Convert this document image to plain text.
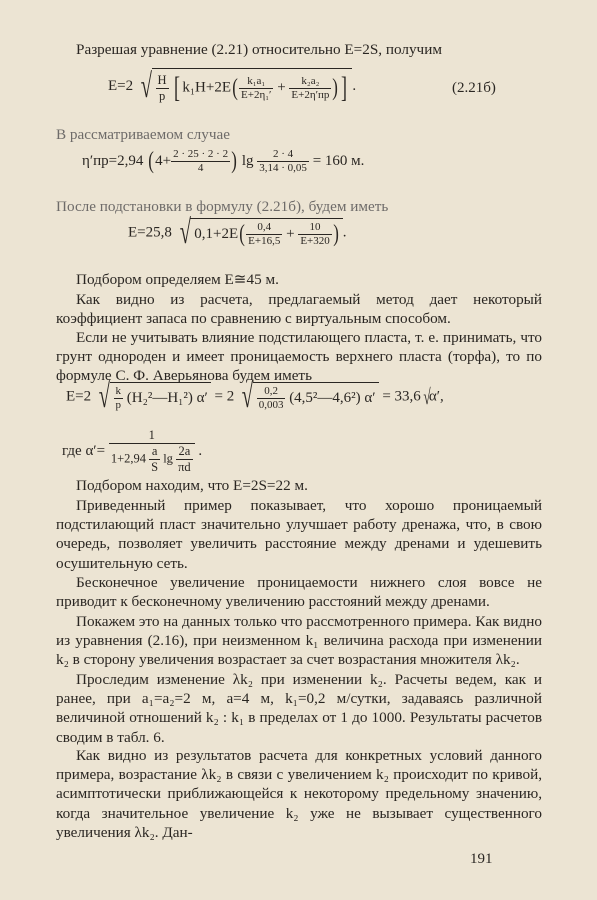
Разрешая уравнение (2.21) относительно E=2S, получим
E=2 √ $\frac{H}{p}$ [ $k_1H+2E( \frac{\text{k₁a₁}}{\text{E+2η₁′}} + \frac{\text{k₂a₂}}{E+2\eta'пр}$ ) ] .	(2.21б)
В рассматриваемом случае
η′пр=2,94 ($4+ \frac{2 \cdot 25 \cdot 2 \cdot 2}{4}$ ) $\lg \frac{2 \cdot 4}{3,14 \cdot 0,05} = 160$ м.
После подстановки в формулу (2.21б), будем иметь
E=25,8 √ $0,1+2E( \frac{0,4}{E+16,5} + \frac{10}{E+320}$ ) .
Подбором определяем E≅45 м.
Как видно из расчета, предлагаемый метод дает некоторый коэффициент запаса по сравнению с виртуальным способом.
Если не учитывать влияние подстилающего пласта, т. е. принимать, что грунт однороден и имеет проницаемость верхнего пласта (торфа), то по формуле С. Ф. Аверьянова будем иметь
E=2 √ $\frac{k}{p}$ (H₂²—H₁²) α′ = 2 √ $\frac{0,2}{0,003}$ (4,5²—4,6²) α′ = 33,6 √α′,
где $\alpha'= \frac{1}{1+2,94 \frac{a}{S} \lg \frac{2a}{\pi d}}$ .
Подбором находим, что E=2S=22 м.
Приведенный пример показывает, что хорошо проницаемый подстилающий пласт значительно улучшает работу дренажа, что, в свою очередь, позволяет увеличить расстояние между дренами и удешевить осушительную сеть.
Бесконечное увеличение проницаемости нижнего слоя вовсе не приводит к бесконечному увеличению расстояний между дренами.
Покажем это на данных только что рассмотренного примера. Как видно из уравнения (2.16), при неизменном k₁ величина расхода при изменении k₂ в сторону увеличения возрастает за счет возрастания множителя λk₂.
Проследим изменение λk₂ при изменении k₂. Расчеты ведем, как и ранее, при a₁=a₂=2 м, a=4 м, k₁=0,2 м/сутки, задаваясь различной величиной отношений k₂ : k₁ в пределах от 1 до 1000. Результаты расчетов сводим в табл. 6.
Как видно из результатов расчета для конкретных условий данного примера, возрастание λk₂ в связи с увеличением k₂ происходит по кривой, асимптотически приближающейся к некоторому предельному значению, когда значительное увеличение k₂ уже не вызывает существенного увеличения λk₂. Дан-
191
